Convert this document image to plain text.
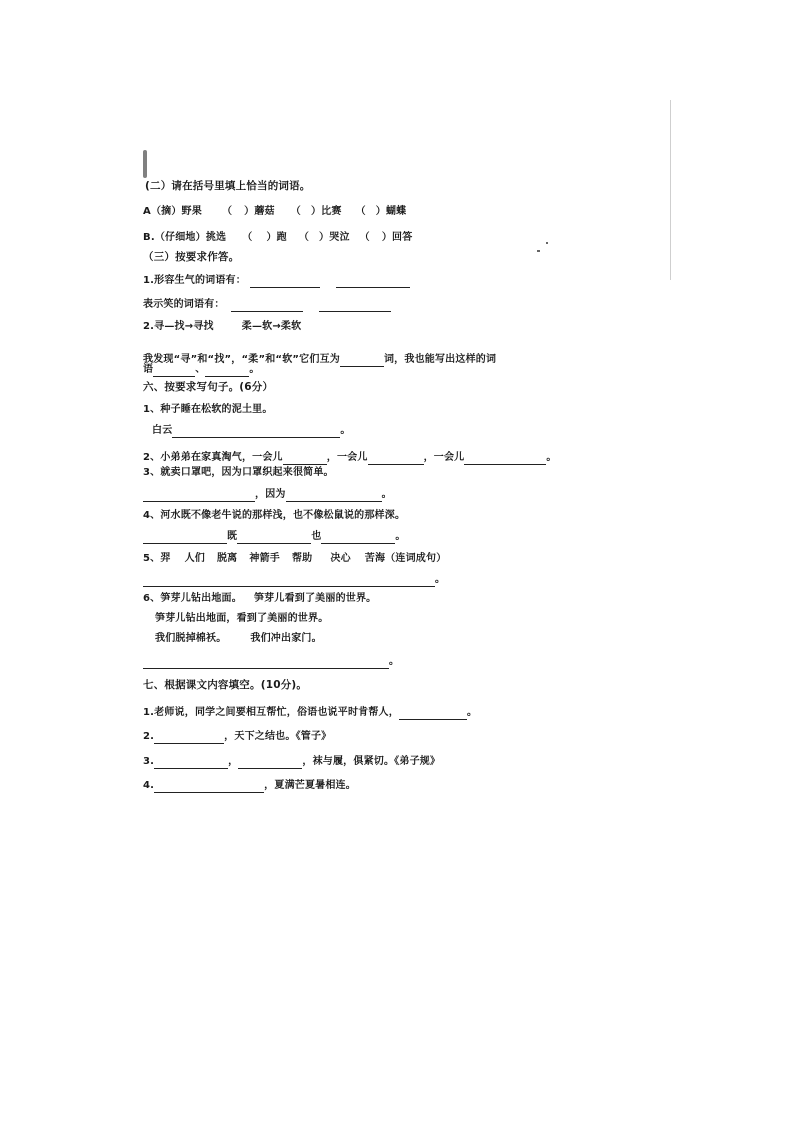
(二）请在括号里填上恰当的词语。
A（摘）野果 （ ）蘑菇 （ ）比赛 （ ）蝴蝶
B.（仔细地）挑选 （ ）跑 （ ）哭泣 （ ）回答
（三）按要求作答。
1.形容生气的词语有：
表示笑的词语有：
2.寻—找→寻找	柔—软→柔软
我发现“寻”和“找”，“柔”和“软”它们互为	词，我也能写出这样的词
语	、	。
六、按要求写句子。(6分）
1、种子睡在松软的泥土里。
白云	。
2、小弟弟在家真淘气，一会儿	，一会儿	，一会儿	。
3、就卖口罩吧，因为口罩织起来很简单。
，因为	。
4、河水既不像老牛说的那样浅，也不像松鼠说的那样深。
既	也	。
5、羿 人们 脱离 神箭手 帮助 决心 苦海（连词成句）
。
6、笋芽儿钻出地面。 笋芽儿看到了美丽的世界。
笋芽儿钻出地面，看到了美丽的世界。
我们脱掉棉袄。 我们冲出家门。
。
七、根据课文内容填空。(10分)。
1.老师说，同学之间要相互帮忙，俗语也说平时肯帮人，	。
2.	，天下之结也。《管子》
3.	，	，袜与履，俱紧切。《弟子规》
4.	，夏满芒夏暑相连。
